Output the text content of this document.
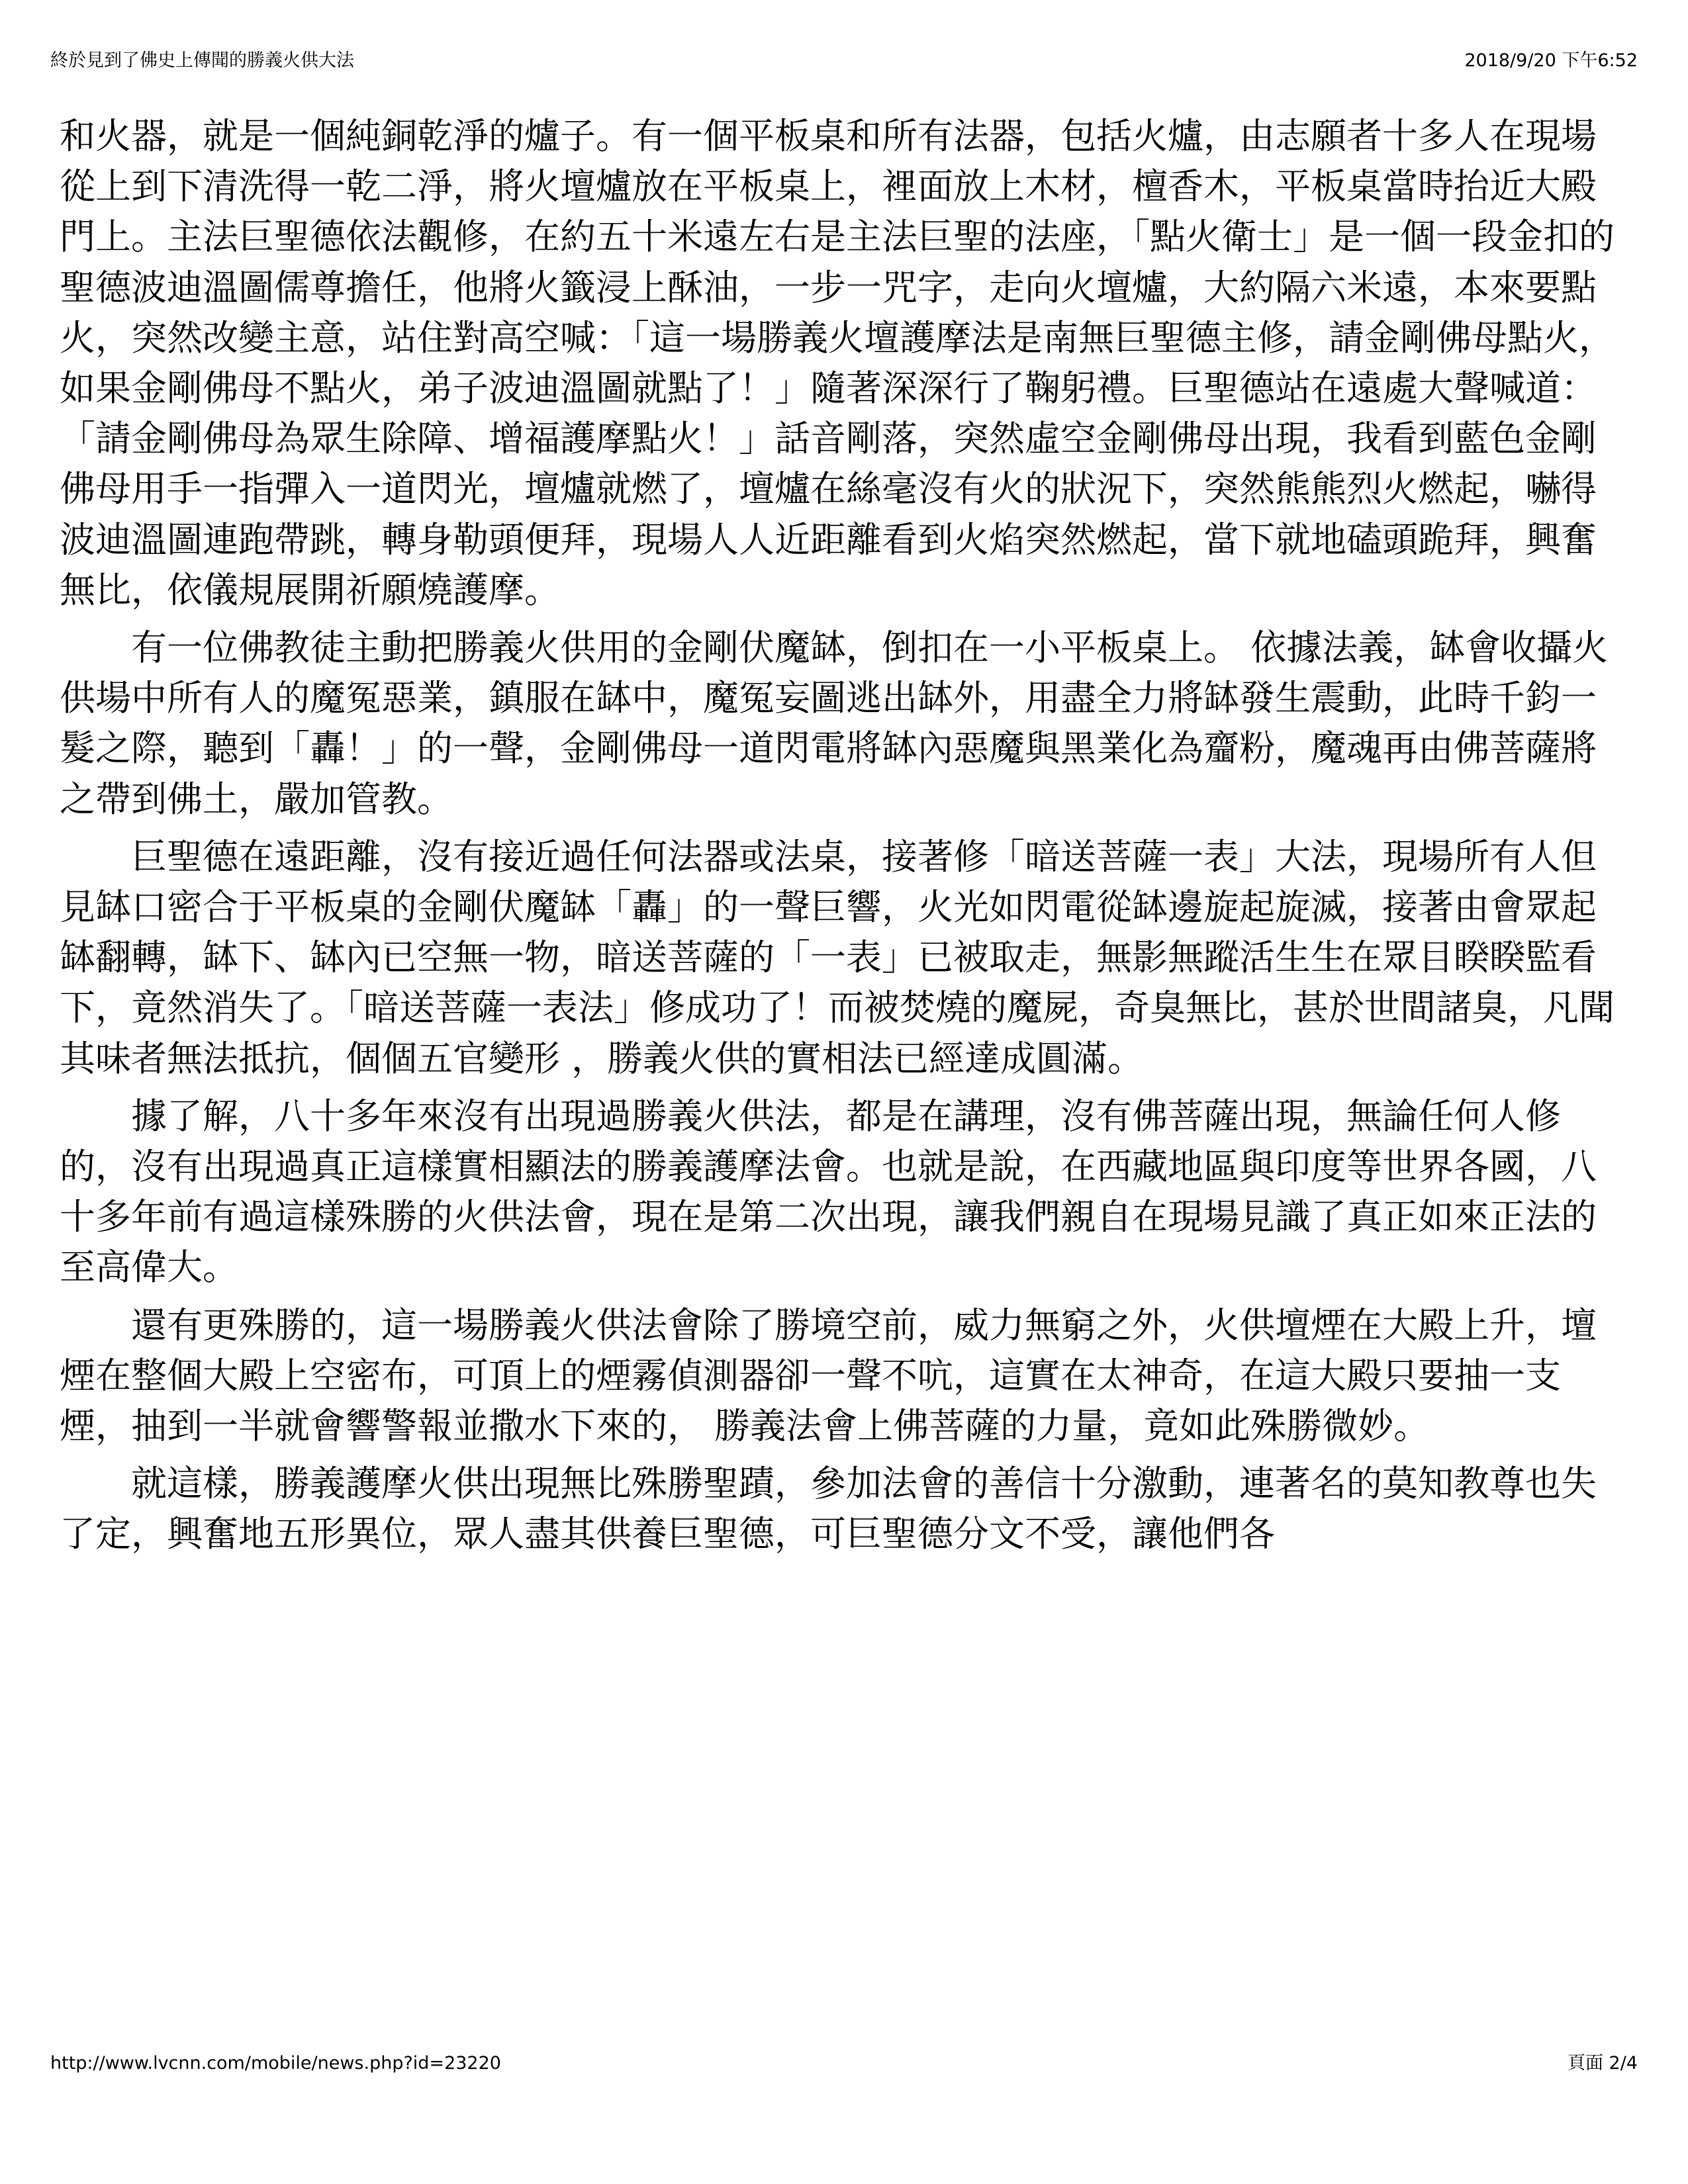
終於見到了佛史上傳聞的勝義火供大法	2018/9/20 下午6:52

和火器，就是一個純銅乾淨的爐子。有一個平板桌和所有法器，包括火爐，由志願者十多人在現場從上到下清洗得一乾二淨，將火壇爐放在平板桌上，裡面放上木材，檀香木，平板桌當時抬近大殿門上。主法巨聖德依法觀修，在約五十米遠左右是主法巨聖的法座，「點火衛士」是一個一段金扣的聖德波迪溫圖儒尊擔任，他將火籤浸上酥油，一步一咒字，走向火壇爐，大約隔六米遠，本來要點火，突然改變主意，站住對高空喊：「這一場勝義火壇護摩法是南無巨聖德主修，請金剛佛母點火，如果金剛佛母不點火，弟子波迪溫圖就點了！」隨著深深行了鞠躬禮。巨聖德站在遠處大聲喊道：「請金剛佛母為眾生除障、增福護摩點火！」話音剛落，突然虛空金剛佛母出現，我看到藍色金剛佛母用手一指彈入一道閃光，壇爐就燃了，壇爐在絲毫沒有火的狀況下，突然熊熊烈火燃起，嚇得波迪溫圖連跑帶跳，轉身勒頭便拜，現場人人近距離看到火焰突然燃起，當下就地磕頭跪拜，興奮無比，依儀規展開祈願燒護摩。

有一位佛教徒主動把勝義火供用的金剛伏魔缽，倒扣在一小平板桌上。 依據法義，缽會收攝火供場中所有人的魔冤惡業，鎮服在缽中，魔冤妄圖逃出缽外，用盡全力將缽發生震動，此時千鈞一髮之際，聽到「轟！」的一聲，金剛佛母一道閃電將缽內惡魔與黑業化為齏粉，魔魂再由佛菩薩將之帶到佛土，嚴加管教。

巨聖德在遠距離，沒有接近過任何法器或法桌，接著修「暗送菩薩一表」大法，現場所有人但見缽口密合于平板桌的金剛伏魔缽「轟」的一聲巨響，火光如閃電從缽邊旋起旋滅，接著由會眾起缽翻轉，缽下、缽內已空無一物，暗送菩薩的「一表」已被取走，無影無蹤活生生在眾目睽睽監看下，竟然消失了。「暗送菩薩一表法」修成功了！而被焚燒的魔屍，奇臭無比，甚於世間諸臭，凡聞其味者無法抵抗，個個五官變形 ，勝義火供的實相法已經達成圓滿。

據了解，八十多年來沒有出現過勝義火供法，都是在講理，沒有佛菩薩出現，無論任何人修的，沒有出現過真正這樣實相顯法的勝義護摩法會。也就是說，在西藏地區與印度等世界各國，八十多年前有過這樣殊勝的火供法會，現在是第二次出現，讓我們親自在現場見識了真正如來正法的至高偉大。

還有更殊勝的，這一場勝義火供法會除了勝境空前，威力無窮之外，火供壇煙在大殿上升，壇煙在整個大殿上空密布，可頂上的煙霧偵測器卻一聲不吭，這實在太神奇，在這大殿只要抽一支煙，抽到一半就會響警報並撒水下來的， 勝義法會上佛菩薩的力量，竟如此殊勝微妙。

就這樣，勝義護摩火供出現無比殊勝聖蹟，參加法會的善信十分激動，連著名的莫知教尊也失了定，興奮地五形異位，眾人盡其供養巨聖德，可巨聖德分文不受，讓他們各

http://www.lvcnn.com/mobile/news.php?id=23220	頁面 2/4
